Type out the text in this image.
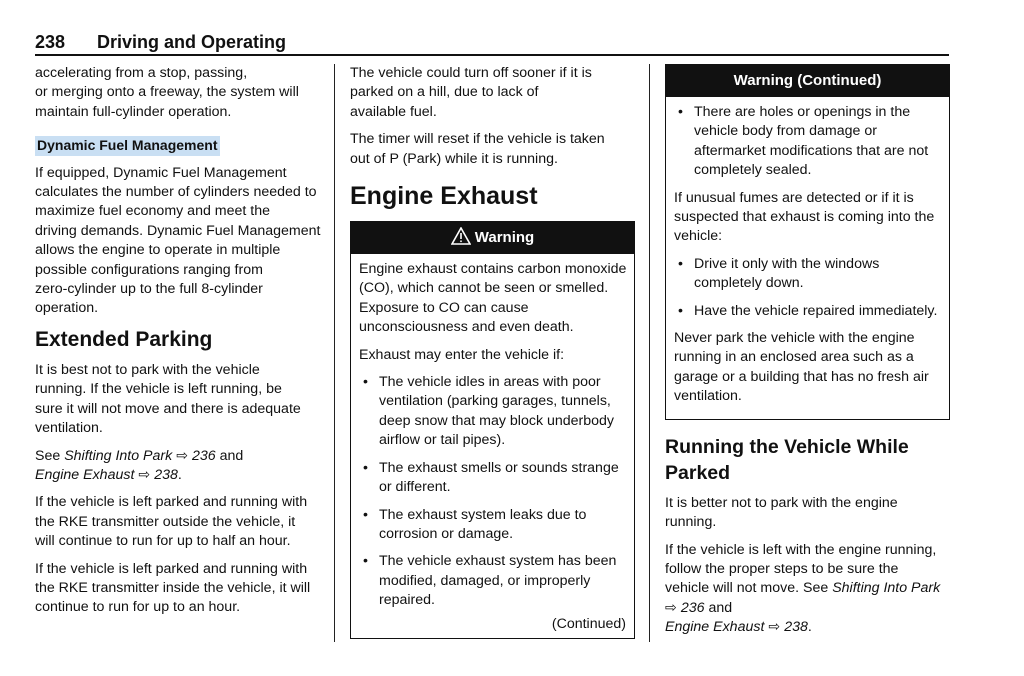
238 Driving and Operating

accelerating from a stop, passing,
or merging onto a freeway, the system will
maintain full-cylinder operation.

Dynamic Fuel Management

If equipped, Dynamic Fuel Management
calculates the number of cylinders needed to
maximize fuel economy and meet the
driving demands. Dynamic Fuel Management
allows the engine to operate in multiple
possible configurations ranging from
zero-cylinder up to the full 8-cylinder
operation.

Extended Parking

It is best not to park with the vehicle
running. If the vehicle is left running, be
sure it will not move and there is adequate
ventilation.

See Shifting Into Park ⇨ 236 and
Engine Exhaust ⇨ 238.

If the vehicle is left parked and running with
the RKE transmitter outside the vehicle, it
will continue to run for up to half an hour.

If the vehicle is left parked and running with
the RKE transmitter inside the vehicle, it will
continue to run for up to an hour.

The vehicle could turn off sooner if it is
parked on a hill, due to lack of
available fuel.

The timer will reset if the vehicle is taken
out of P (Park) while it is running.

Engine Exhaust
Warning

Engine exhaust contains carbon monoxide
(CO), which cannot be seen or smelled.
Exposure to CO can cause
unconsciousness and even death.

Exhaust may enter the vehicle if:

• The vehicle idles in areas with poor
ventilation (parking garages, tunnels,
deep snow that may block underbody
airflow or tail pipes).
• The exhaust smells or sounds strange
or different.
• The exhaust system leaks due to
corrosion or damage.
• The vehicle exhaust system has been
modified, damaged, or improperly
repaired.
(Continued)
Warning (Continued)
• There are holes or openings in the
vehicle body from damage or
aftermarket modifications that are not
completely sealed.

If unusual fumes are detected or if it is
suspected that exhaust is coming into the
vehicle:

• Drive it only with the windows
completely down.
• Have the vehicle repaired immediately.

Never park the vehicle with the engine
running in an enclosed area such as a
garage or a building that has no fresh air
ventilation.

Running the Vehicle While Parked

It is better not to park with the engine
running.

If the vehicle is left with the engine running,
follow the proper steps to be sure the
vehicle will not move. See Shifting Into Park
⇨ 236 and
Engine Exhaust ⇨ 238.
